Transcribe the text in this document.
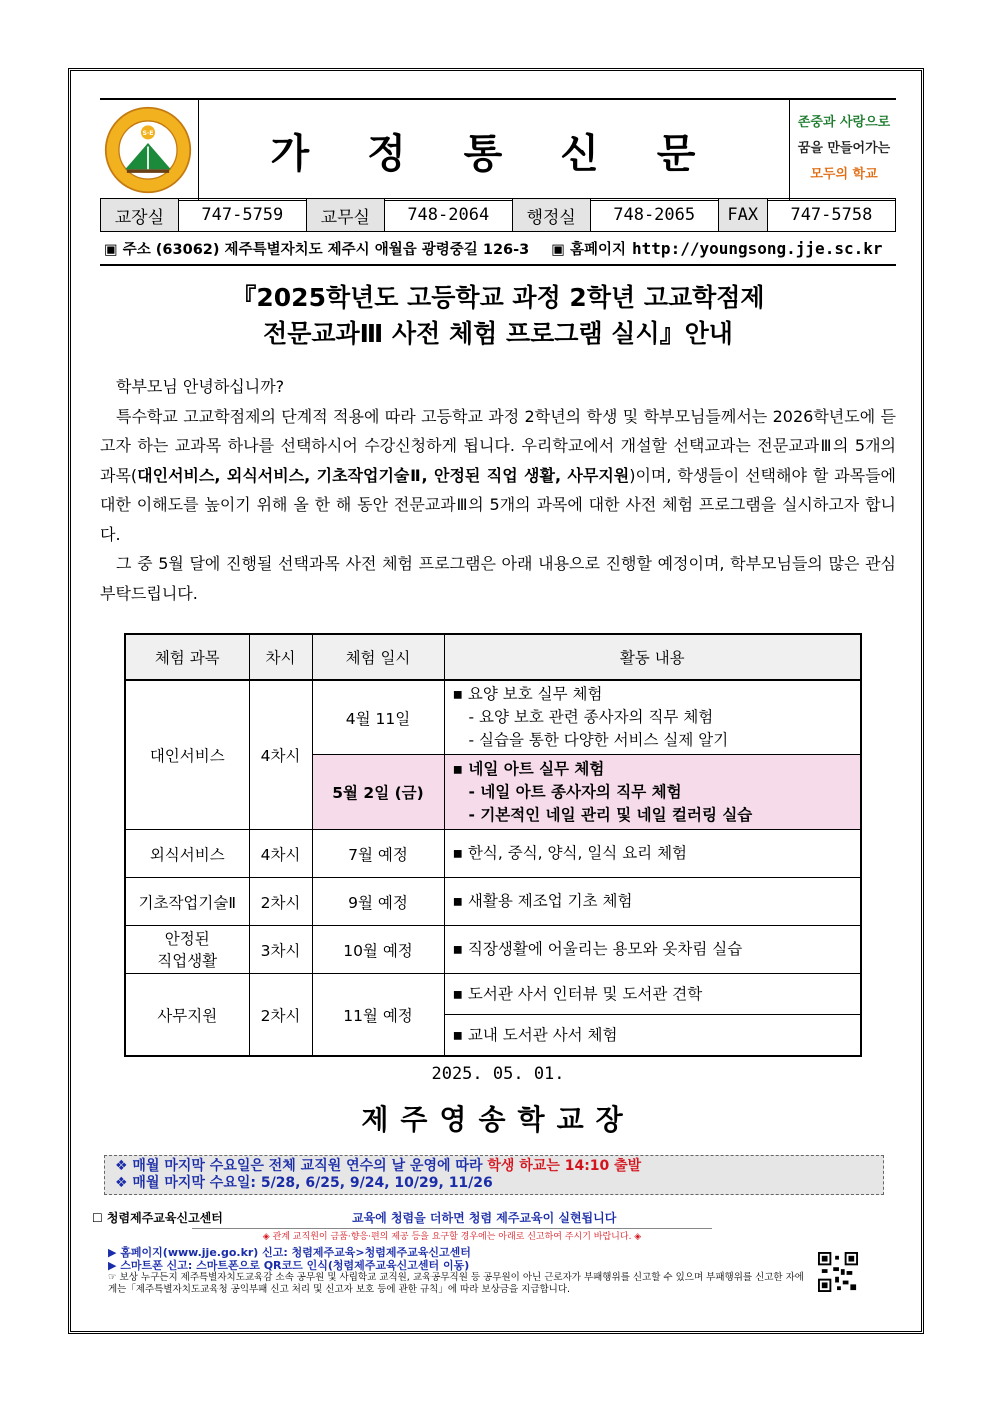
S·E	가 정 통 신 문
존중과 사랑으로
꿈을 만들어가는
모두의 학교
교장실	747-5759	교무실	748-2064	행정실	748-2065	FAX	747-5758
▣ 주소 (63062) 제주특별자치도 제주시 애월읍 광령중길 126-3 ▣ 홈페이지 http://youngsong.jje.sc.kr
『2025학년도 고등학교 과정 2학년 고교학점제
전문교과Ⅲ 사전 체험 프로그램 실시』안내

학부모님 안녕하십니까?

특수학교 고교학점제의 단계적 적용에 따라 고등학교 과정 2학년의 학생 및 학부모님들께서는 2026학년도에 듣고자 하는 교과목 하나를 선택하시어 수강신청하게 됩니다. 우리학교에서 개설할 선택교과는 전문교과Ⅲ의 5개의 과목(대인서비스, 외식서비스, 기초작업기술Ⅱ, 안정된 직업 생활, 사무지원)이며, 학생들이 선택해야 할 과목들에 대한 이해도를 높이기 위해 올 한 해 동안 전문교과Ⅲ의 5개의 과목에 대한 사전 체험 프로그램을 실시하고자 합니다.

그 중 5월 달에 진행될 선택과목 사전 체험 프로그램은 아래 내용으로 진행할 예정이며, 학부모님들의 많은 관심 부탁드립니다.

체험 과목	차시	체험 일시	활동 내용
대인서비스	4차시	4월 11일	▪ 요양 보호 실무 체험
- 요양 보호 관련 종사자의 직무 체험
- 실습을 통한 다양한 서비스 실제 알기

		5월 2일 (금)	▪ 네일 아트 실무 체험
- 네일 아트 종사자의 직무 체험
- 기본적인 네일 관리 및 네일 컬러링 실습

외식서비스	4차시	7월 예정	▪ 한식, 중식, 양식, 일식 요리 체험
기초작업기술Ⅱ	2차시	9월 예정	▪ 새활용 제조업 기초 체험

안정된
직업생활	3차시	10월 예정	▪ 직장생활에 어울리는 용모와 옷차림 실습
사무지원	2차시	11월 예정	▪ 도서관 사서 인터뷰 및 도서관 견학
			▪ 교내 도서관 사서 체험
2025. 05. 01.
제주영송학교장
❖ 매월 마지막 수요일은 전체 교직원 연수의 날 운영에 따라 학생 하교는 14:10 출발
❖ 매월 마지막 수요일: 5/28, 6/25, 9/24, 10/29, 11/26
☐ 청렴제주교육신고센터	교육에 청렴을 더하면 청렴 제주교육이 실현됩니다
◈ 관계 교직원이 금품·향응·편의 제공 등을 요구할 경우에는 아래로 신고하여 주시기 바랍니다. ◈
▶ 홈페이지(www.jje.go.kr) 신고: 청렴제주교육>청렴제주교육신고센터
▶ 스마트폰 신고: 스마트폰으로 QR코드 인식(청렴제주교육신고센터 이동)
☞ 보상 누구든지 제주특별자치도교육감 소속 공무원 및 사립학교 교직원, 교육공무직원 등 공무원이 아닌 근로자가 부패행위를 신고할 수 있으며 부패행위를 신고한 자에게는「제주특별자치도교육청 공익부패 신고 처리 및 신고자 보호 등에 관한 규칙」에 따라 보상금을 지급합니다.
